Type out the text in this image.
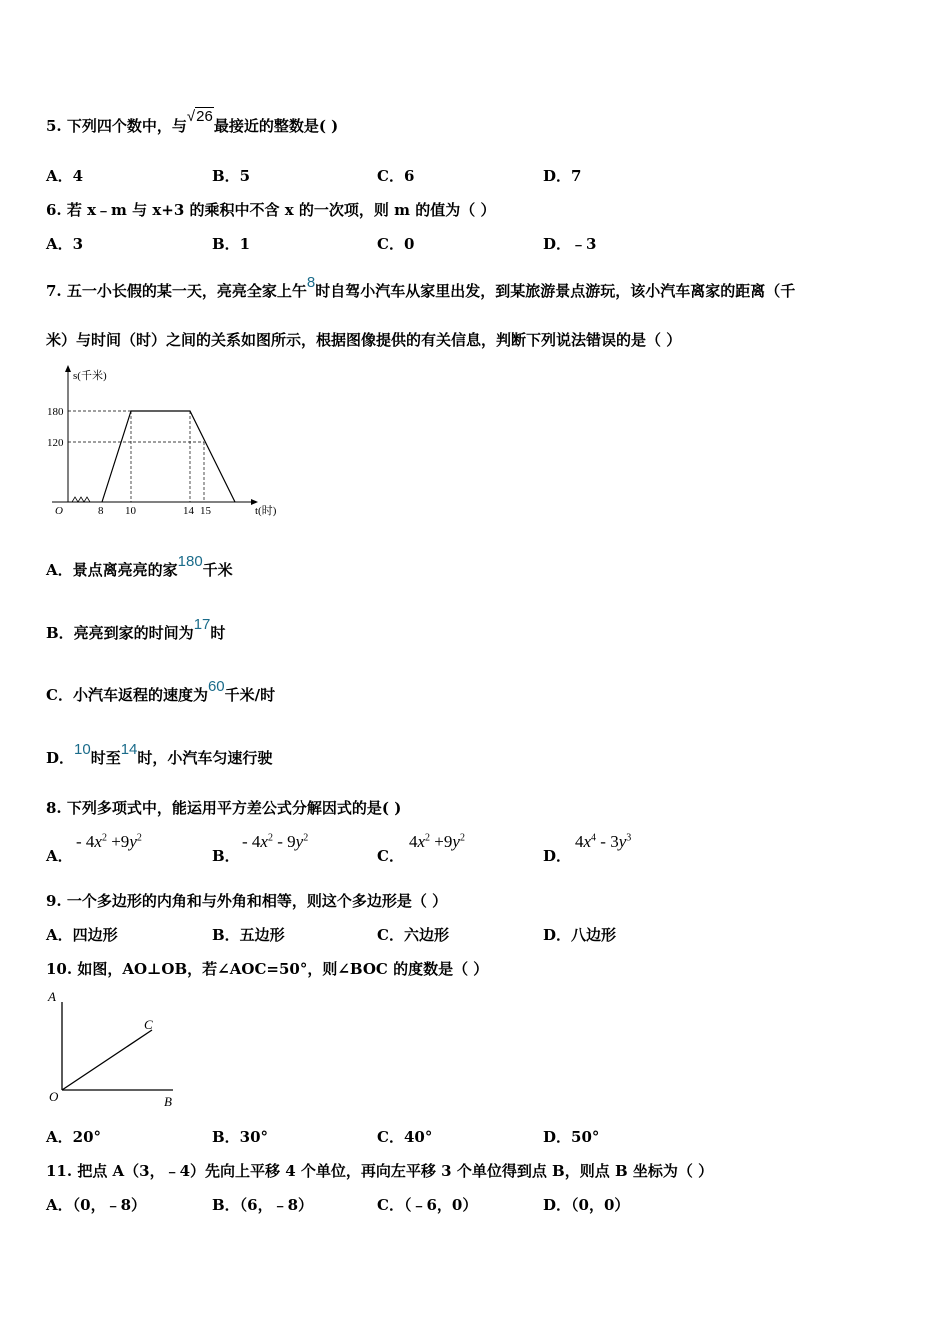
5. 下列四个数中，与√26最接近的整数是( )
A．4	B．5	C．6	D．7
6. 若 x﹣m 与 x+3 的乘积中不含 x 的一次项，则 m 的值为（ ）
A．3	B．1	C．0	D．﹣3
7. 五一小长假的某一天，亮亮全家上午8时自驾小汽车从家里出发，到某旅游景点游玩，该小汽车离家的距离（千
米）与时间（时）之间的关系如图所示，根据图像提供的有关信息，判断下列说法错误的是（ ）
s(千米)
180
120
O	8 10	14 15	t(时)
A．景点离亮亮的家180千米
B．亮亮到家的时间为17时
C．小汽车返程的速度为60千米/时
D．10时至14时，小汽车匀速行驶
8. 下列多项式中，能运用平方差公式分解因式的是( )
A．
- $4x^2 +9y^2$
B．
- $4x^2 - 9y^2$
C．
$4x^2 +9y^2$
D．
$4x^4 - 3y^3$
9. 一个多边形的内角和与外角和相等，则这个多边形是（ ）
A．四边形	B．五边形	C．六边形	D．八边形
10. 如图，AO⊥OB，若∠AOC=50°，则∠BOC 的度数是（ ）
A
C
O	B
A．20°	B．30°	C．40°	D．50°
11. 把点 A（3，﹣4）先向上平移 4 个单位，再向左平移 3 个单位得到点 B，则点 B 坐标为（ ）
A．（0，﹣8）	B．（6，﹣8）	C．（﹣6，0）	D．（0，0）
